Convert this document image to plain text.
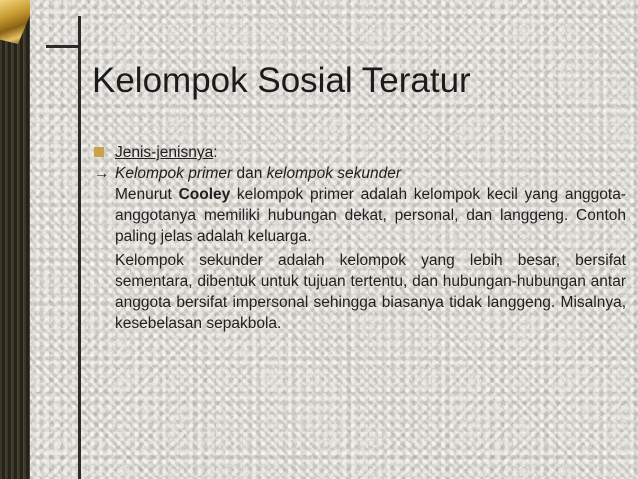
Kelompok Sosial Teratur
Jenis-jenisnya:
→ Kelompok primer dan kelompok sekunder
Menurut Cooley kelompok primer adalah kelompok kecil yang anggota-anggotanya memiliki hubungan dekat, personal, dan langgeng. Contoh paling jelas adalah keluarga.
Kelompok sekunder adalah kelompok yang lebih besar, bersifat sementara, dibentuk untuk tujuan tertentu, dan hubungan-hubungan antar anggota bersifat impersonal sehingga biasanya tidak langgeng. Misalnya, kesebelasan sepakbola.
